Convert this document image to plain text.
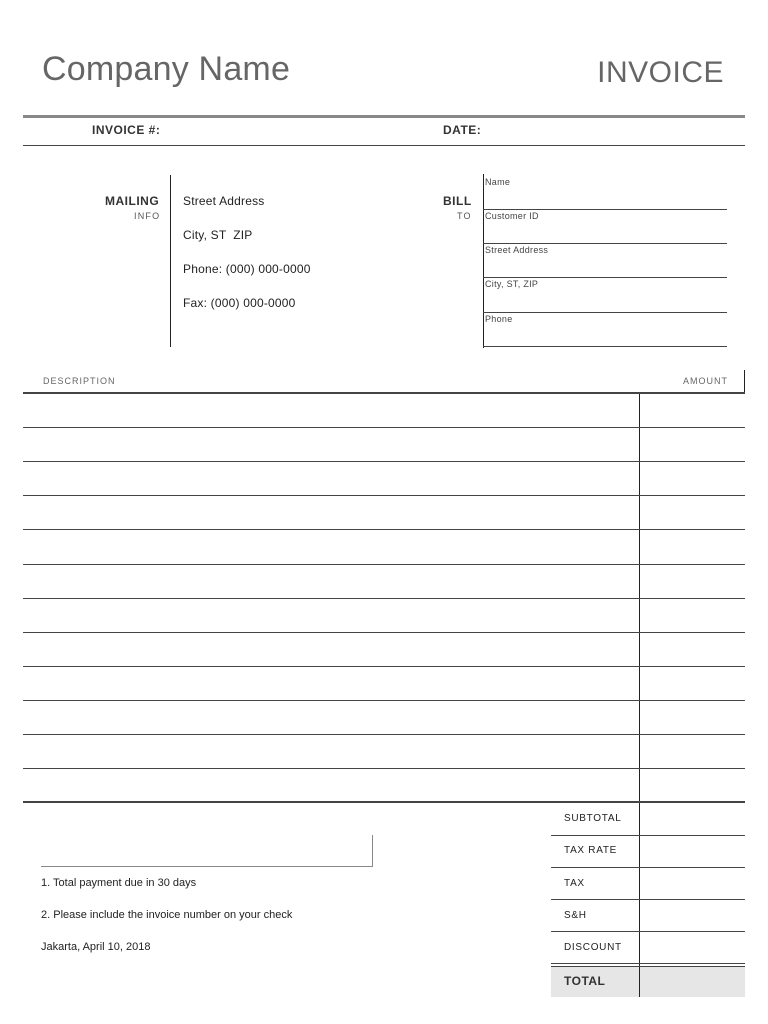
Company Name	INVOICE
INVOICE #:	DATE:
MAILING
INFO
Street Address
City, ST  ZIP
Phone: (000) 000-0000
Fax: (000) 000-0000
BILL
TO
Name
Customer ID
Street Address
City, ST, ZIP
Phone
DESCRIPTION	AMOUNT
SUBTOTAL
TAX RATE
TAX
S&H
DISCOUNT
TOTAL
1. Total payment due in 30 days
2. Please include the invoice number on your check
Jakarta, April 10, 2018
